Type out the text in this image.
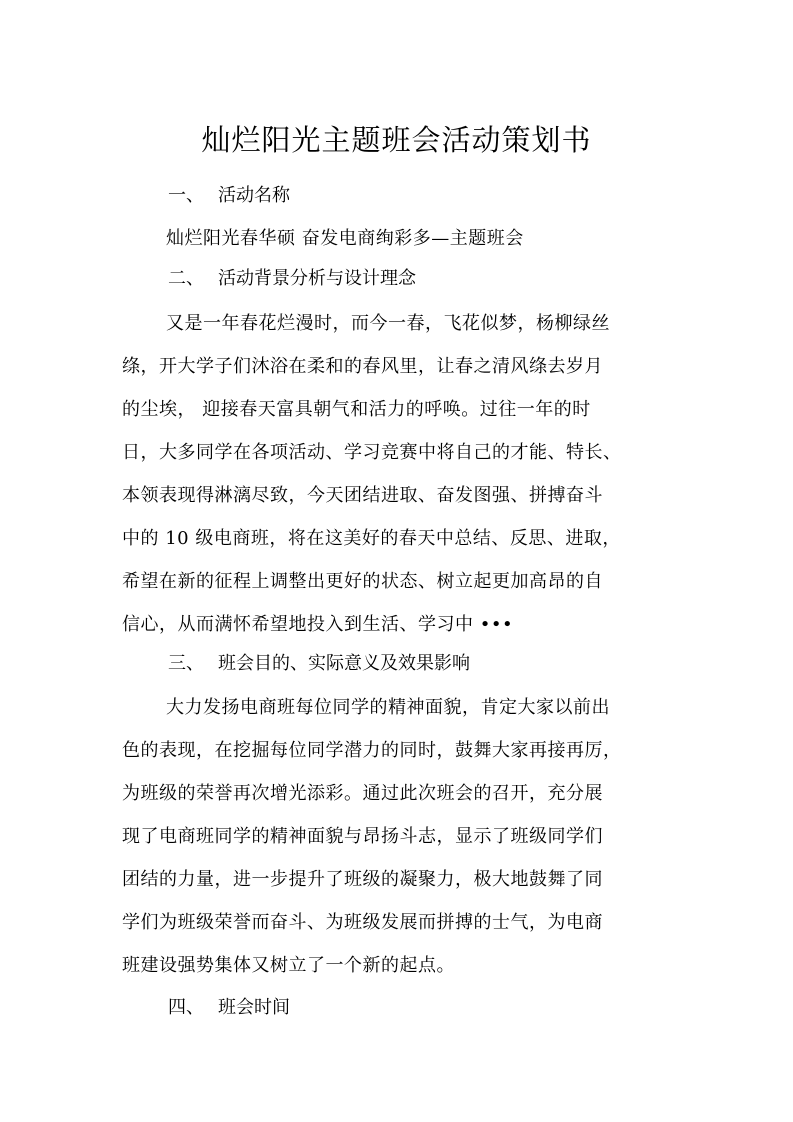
灿烂阳光主题班会活动策划书
一、 活动名称
灿烂阳光春华硕 奋发电商绚彩多—主题班会
二、 活动背景分析与设计理念
又是一年春花烂漫时，而今一春，飞花似梦，杨柳绿丝
绦，开大学子们沐浴在柔和的春风里，让春之清风绦去岁月
的尘埃， 迎接春天富具朝气和活力的呼唤。过往一年的时
日，大多同学在各项活动、学习竞赛中将自己的才能、特长、
本领表现得淋漓尽致，今天团结进取、奋发图强、拼搏奋斗
中的 10 级电商班，将在这美好的春天中总结、反思、进取，
希望在新的征程上调整出更好的状态、树立起更加高昂的自
信心，从而满怀希望地投入到生活、学习中 •••
三、 班会目的、实际意义及效果影响
大力发扬电商班每位同学的精神面貌，肯定大家以前出
色的表现，在挖掘每位同学潜力的同时，鼓舞大家再接再厉，
为班级的荣誉再次增光添彩。通过此次班会的召开，充分展
现了电商班同学的精神面貌与昂扬斗志，显示了班级同学们
团结的力量，进一步提升了班级的凝聚力，极大地鼓舞了同
学们为班级荣誉而奋斗、为班级发展而拼搏的士气，为电商
班建设强势集体又树立了一个新的起点。
四、 班会时间
